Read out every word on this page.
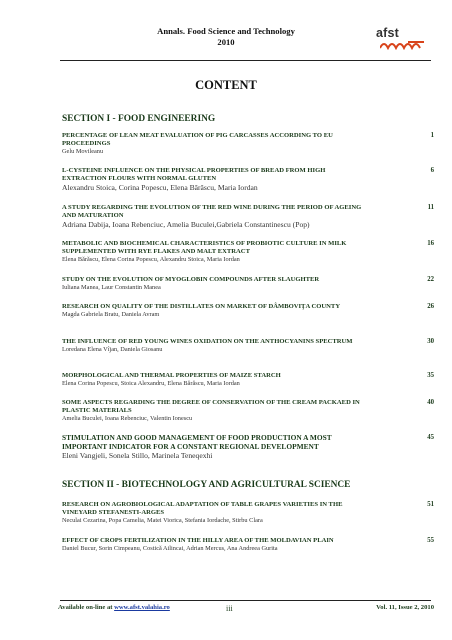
Annals. Food Science and Technology
2010
afst
CONTENT
SECTION I - FOOD ENGINEERING
PERCENTAGE OF LEAN MEAT EVALUATION OF PIG CARCASSES ACCORDING TO EU PROCEEDINGS
Gelu Movileanu
1
L-CYSTEINE INFLUENCE ON THE PHYSICAL PROPERTIES OF BREAD FROM HIGH EXTRACTION FLOURS WITH NORMAL GLUTEN
Alexandru Stoica, Corina Popescu, Elena Bărăscu, Maria Iordan
6
A STUDY REGARDING THE EVOLUTION OF THE RED WINE DURING THE PERIOD OF AGEING AND MATURATION
Adriana Dabija, Ioana Rebenciuc, Amelia Buculei,Gabriela Constantinescu (Pop)
11
METABOLIC AND BIOCHEMICAL CHARACTERISTICS OF PROBIOTIC CULTURE IN MILK SUPPLEMENTED WITH RYE FLAKES AND MALT EXTRACT
Elena Bărăscu, Elena Corina Popescu, Alexandru Stoica, Maria Iordan
16
STUDY ON THE EVOLUTION OF MYOGLOBIN COMPOUNDS AFTER SLAUGHTER
Iuliana Manea, Laur Constantin Manea
22
RESEARCH ON QUALITY OF THE DISTILLATES ON MARKET OF DÂMBOVIŢA COUNTY
Magda Gabriela Bratu, Daniela Avram
26
THE INFLUENCE OF RED YOUNG WINES OXIDATION ON THE ANTHOCYANINS SPECTRUM
Loredana Elena Vîjan, Daniela Giosanu
30
MORPHOLOGICAL AND THERMAL PROPERTIES OF MAIZE STARCH
Elena Corina Popescu, Stoica Alexandru, Elena Bărăscu, Maria Iordan
35
SOME ASPECTS REGARDING THE DEGREE OF CONSERVATION OF THE CREAM PACKAED IN PLASTIC MATERIALS
Amelia Buculei, Ioana Rebenciuc, Valentin Ionescu
40
STIMULATION AND GOOD MANAGEMENT OF FOOD PRODUCTION A MOST IMPORTANT INDICATOR FOR A CONSTANT REGIONAL DEVELOPMENT
Eleni Vangjeli, Sonela Stillo, Marinela Teneqexhi
45
SECTION II - BIOTECHNOLOGY AND AGRICULTURAL SCIENCE
RESEARCH ON AGROBIOLOGICAL ADAPTATION OF TABLE GRAPES VARIETIES IN THE VINEYARD STEFANESTI-ARGES
Neculai Cezarina, Popa Camelia, Matei Viorica, Stefania Iordache, Stirbu Clara
51
EFFECT OF CROPS FERTILIZATION IN THE HILLY AREA OF THE MOLDAVIAN PLAIN
Daniel Bucur, Sorin Cimpeanu, Costică Ailincai, Adrian Mercus, Ana Andreea Gurita
55
Available on-line at www.afst.valahia.ro	iii	Vol. 11, Issue 2, 2010
